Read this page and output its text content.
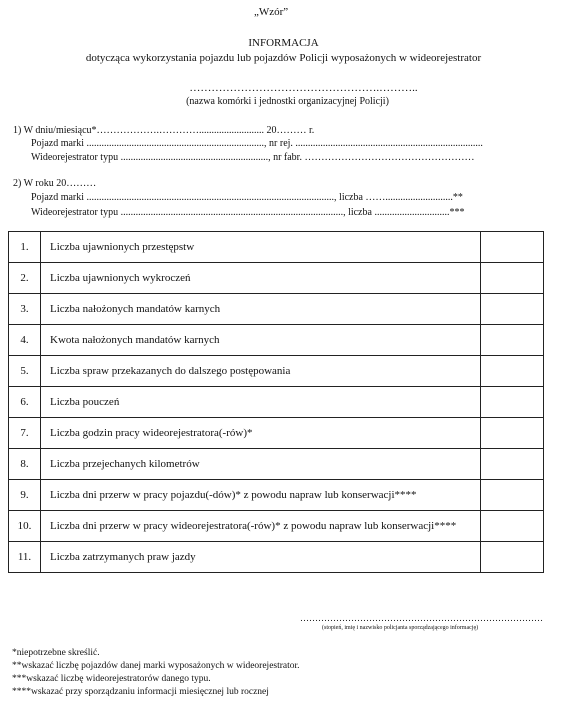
„Wzór”
INFORMACJA
dotycząca wykorzystania pojazdu lub pojazdów Policji wyposażonych w wideorejestrator
…………………………………………….………..
(nazwa komórki i jednostki organizacyjnej Policji)
1) W dniu/miesiącu*……………….………….......................... 20……… r.
Pojazd marki ......................................................................., nr rej. ...........................................................................
Wideorejestrator typu ..........................................................., nr fabr. ……………………………………………
2) W roku 20………
Pojazd marki ..................................................................................................., liczba ……...........................**
Wideorejestrator typu ........................................................................................., liczba ..............................***
1.	Liczba ujawnionych przestępstw	
2.	Liczba ujawnionych wykroczeń	
3.	Liczba nałożonych mandatów karnych	
4.	Kwota nałożonych mandatów karnych	
5.	Liczba spraw przekazanych do dalszego postępowania	
6.	Liczba pouczeń	
7.	Liczba godzin pracy wideorejestratora(-rów)*	
8.	Liczba przejechanych kilometrów	
9.	Liczba dni przerw w pracy pojazdu(-dów)* z powodu napraw lub konserwacji****	
10.	Liczba dni przerw w pracy wideorejestratora(-rów)* z powodu napraw lub konserwacji****	
11.	Liczba zatrzymanych praw jazdy	
………………………………………………………………………
(stopień, imię i nazwisko policjanta sporządzającego informację)
*niepotrzebne skreślić.
**wskazać liczbę pojazdów danej marki wyposażonych w wideorejestrator.
***wskazać liczbę wideorejestratorów danego typu.
****wskazać przy sporządzaniu informacji miesięcznej lub rocznej
